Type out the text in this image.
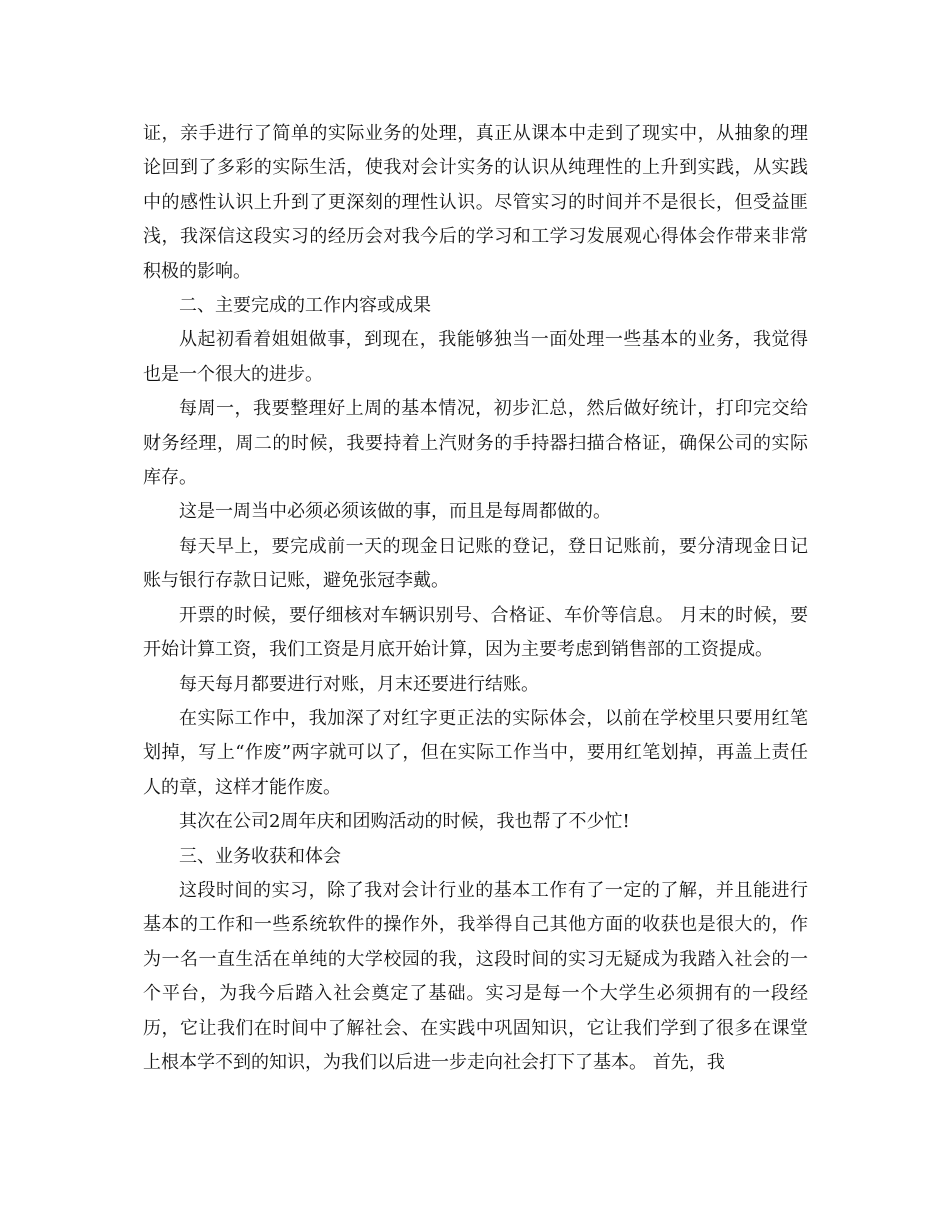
证，亲手进行了简单的实际业务的处理，真正从课本中走到了现实中，从抽象的理论回到了多彩的实际生活，使我对会计实务的认识从纯理性的上升到实践，从实践中的感性认识上升到了更深刻的理性认识。尽管实习的时间并不是很长，但受益匪浅，我深信这段实习的经历会对我今后的学习和工学习发展观心得体会作带来非常积极的影响。

二、主要完成的工作内容或成果

从起初看着姐姐做事，到现在，我能够独当一面处理一些基本的业务，我觉得也是一个很大的进步。

每周一，我要整理好上周的基本情况，初步汇总，然后做好统计，打印完交给财务经理，周二的时候，我要持着上汽财务的手持器扫描合格证，确保公司的实际库存。

这是一周当中必须必须该做的事，而且是每周都做的。

每天早上，要完成前一天的现金日记账的登记，登日记账前，要分清现金日记账与银行存款日记账，避免张冠李戴。

开票的时候，要仔细核对车辆识别号、合格证、车价等信息。 月末的时候，要开始计算工资，我们工资是月底开始计算，因为主要考虑到销售部的工资提成。

每天每月都要进行对账，月末还要进行结账。

在实际工作中，我加深了对红字更正法的实际体会，以前在学校里只要用红笔划掉，写上“作废”两字就可以了，但在实际工作当中，要用红笔划掉，再盖上责任人的章，这样才能作废。

其次在公司2周年庆和团购活动的时候，我也帮了不少忙!

三、业务收获和体会

这段时间的实习，除了我对会计行业的基本工作有了一定的了解，并且能进行基本的工作和一些系统软件的操作外，我举得自己其他方面的收获也是很大的，作为一名一直生活在单纯的大学校园的我，这段时间的实习无疑成为我踏入社会的一个平台，为我今后踏入社会奠定了基础。实习是每一个大学生必须拥有的一段经历，它让我们在时间中了解社会、在实践中巩固知识，它让我们学到了很多在课堂上根本学不到的知识，为我们以后进一步走向社会打下了基本。 首先，我
